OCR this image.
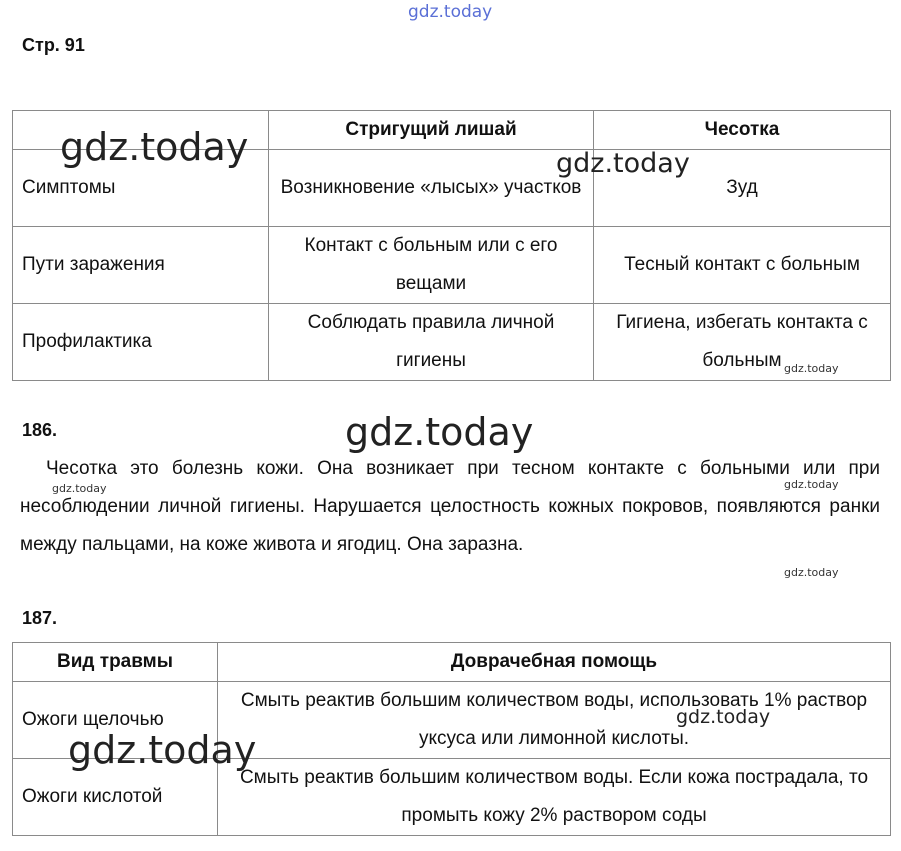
gdz.today
Стр. 91
	Стригущий лишай	Чесотка
Симптомы	Возникновение «лысых» участков	Зуд
Пути заражения	Контакт с больным или с его вещами	Тесный контакт с больным
Профилактика	Соблюдать правила личной гигиены	Гигиена, избегать контакта с больным
gdz.today	gdz.today
gdz.today
186.	gdz.today
Чесотка это болезнь кожи. Она возникает при тесном контакте с больными или при несоблюдении личной гигиены. Нарушается целостность кожных покровов, появляются ранки между пальцами, на коже живота и ягодиц. Она заразна.
gdz.today	gdz.today
gdz.today
187.
Вид травмы	Доврачебная помощь
Ожоги щелочью	Смыть реактив большим количеством воды, использовать 1% раствор уксуса или лимонной кислоты.
Ожоги кислотой	Смыть реактив большим количеством воды. Если кожа пострадала, то промыть кожу 2% раствором соды
gdz.today
gdz.today
